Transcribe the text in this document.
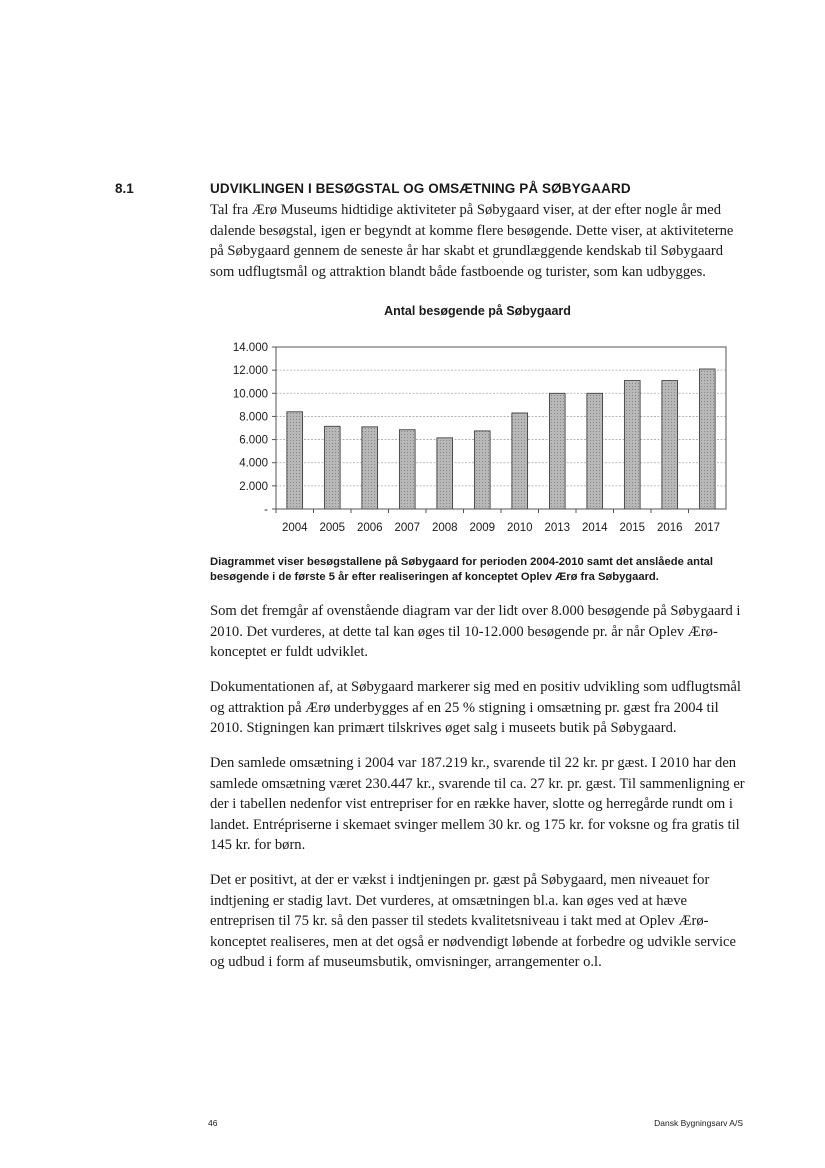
8.1	UDVIKLINGEN I BESØGSTAL OG OMSÆTNING PÅ SØBYGAARD

Tal fra Ærø Museums hidtidige aktiviteter på Søbygaard viser, at der efter nogle år med dalende besøgstal, igen er begyndt at komme flere besøgende. Dette viser, at aktiviteterne på Søbygaard gennem de seneste år har skabt et grundlæggende kendskab til Søbygaard som udflugtsmål og attraktion blandt både fastboende og turister, som kan udbygges.

Antal besøgende på Søbygaard
-
2.000
4.000
6.000
8.000
10.000
12.000
14.000
2004 2005 2006 2007 2008 2009 2010 2013 2014 2015 2016 2017

Diagrammet viser besøgstallene på Søbygaard for perioden 2004-2010 samt det anslåede antal besøgende i de første 5 år efter realiseringen af konceptet Oplev Ærø fra Søbygaard.

Som det fremgår af ovenstående diagram var der lidt over 8.000 besøgende på Søbygaard i 2010. Det vurderes, at dette tal kan øges til 10-12.000 besøgende pr. år når Oplev Ærø-konceptet er fuldt udviklet.

Dokumentationen af, at Søbygaard markerer sig med en positiv udvikling som udflugtsmål og attraktion på Ærø underbygges af en 25 % stigning i omsætning pr. gæst fra 2004 til 2010. Stigningen kan primært tilskrives øget salg i museets butik på Søbygaard.

Den samlede omsætning i 2004 var 187.219 kr., svarende til 22 kr. pr gæst. I 2010 har den samlede omsætning været 230.447 kr., svarende til ca. 27 kr. pr. gæst. Til sammenligning er der i tabellen nedenfor vist entrepriser for en række haver, slotte og herregårde rundt om i landet. Entrépriserne i skemaet svinger mellem 30 kr. og 175 kr. for voksne og fra gratis til 145 kr. for børn.

Det er positivt, at der er vækst i indtjeningen pr. gæst på Søbygaard, men niveauet for indtjening er stadig lavt. Det vurderes, at omsætningen bl.a. kan øges ved at hæve entreprisen til 75 kr. så den passer til stedets kvalitetsniveau i takt med at Oplev Ærø-konceptet realiseres, men at det også er nødvendigt løbende at forbedre og udvikle service og udbud i form af museumsbutik, omvisninger, arrangementer o.l.

46	Dansk Bygningsarv A/S
